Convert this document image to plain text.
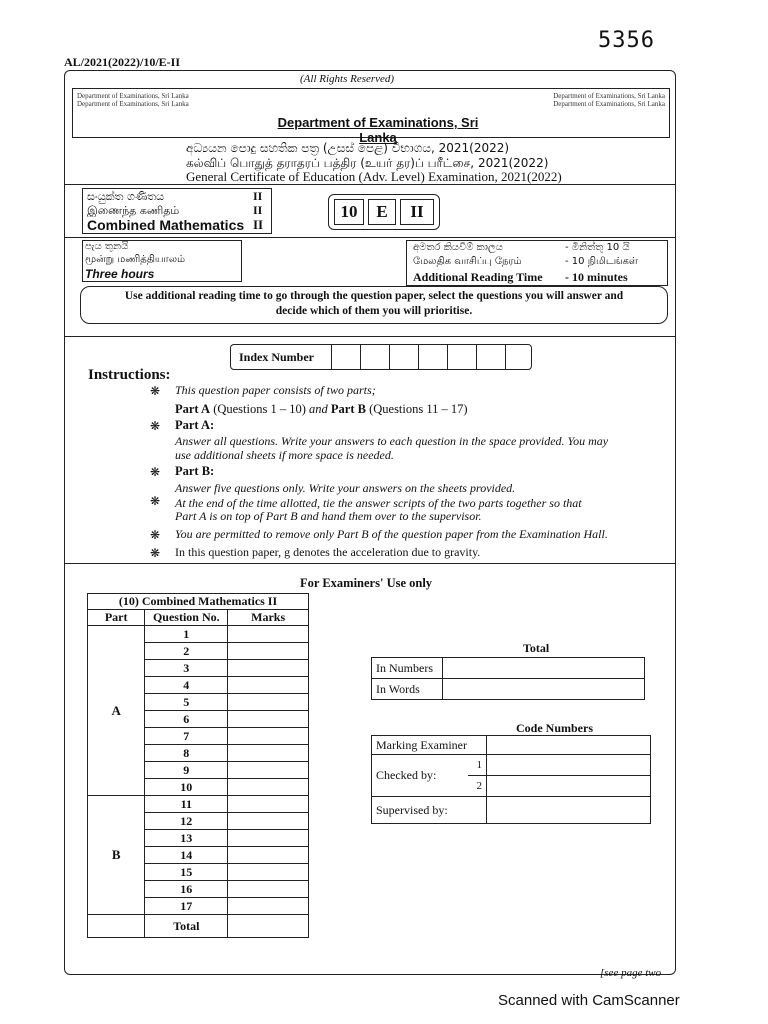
5356
AL/2021(2022)/10/E-II
(All Rights Reserved)
Department of Examinations, Sri Lanka
Department of Examinations, Sri Lanka
Department of Examinations, Sri Lanka
Department of Examinations, Sri Lanka
Department of Examinations, Sri Lanka
අධ්‍යයන පොදු සහතික පත්‍ර (උසස් පෙළ) විභාගය, 2021(2022)
கல்விப் பொதுத் தராதரப் பத்திர (உயர் தர)ப் பரீட்சை, 2021(2022)
General Certificate of Education (Adv. Level) Examination, 2021(2022)
සංයුක්ත ගණිතය	II
இணைந்த கணிதம்	II
Combined Mathematics II
10	E	II
පැය තුනයි
மூன்று மணித்தியாலம்
Three hours
අමතර කියවීම් කාලය	- මිනිත්තු 10 යි
மேலதிக வாசிப்பு நேரம்	- 10 நிமிடங்கள்
Additional Reading Time - 10 minutes
Use additional reading time to go through the question paper, select the questions you will answer and
decide which of them you will prioritise.
Index Number
Instructions:
❋ This question paper consists of two parts;
Part A (Questions 1 – 10) and Part B (Questions 11 – 17)
❋ Part A:
Answer all questions. Write your answers to each question in the space provided. You may
use additional sheets if more space is needed.
❋ Part B:
Answer five questions only. Write your answers on the sheets provided.
❋ At the end of the time allotted, tie the answer scripts of the two parts together so that
Part A is on top of Part B and hand them over to the supervisor.
❋ You are permitted to remove only Part B of the question paper from the Examination Hall.
❋ In this question paper, g denotes the acceleration due to gravity.
For Examiners' Use only
(10) Combined Mathematics II		
Part	Question No.	Marks
A	1	
	2	
	3	
	4	
	5	
	6	
	7	
	8	
	9	
	10	
B	11	
	12	
	13	
	14	
	15	
	16	
	17	
	Total	
Total
In Numbers	
In Words	
Code Numbers
Marking Examiner		
Checked by:	1	
	2	
Supervised by:		
[see page two
Scanned with CamScanner
